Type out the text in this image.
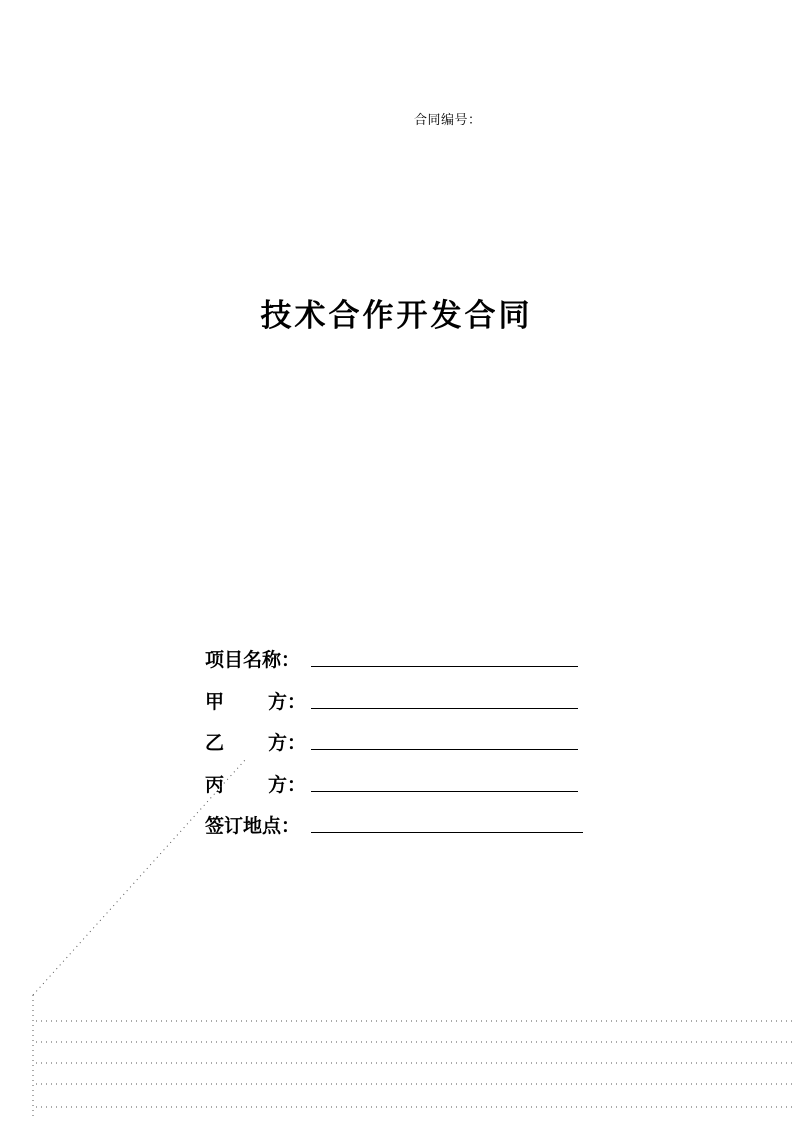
合同编号：
技术合作开发合同
项目名称：
甲 方：
乙 方：
丙 方：
签订地点：
